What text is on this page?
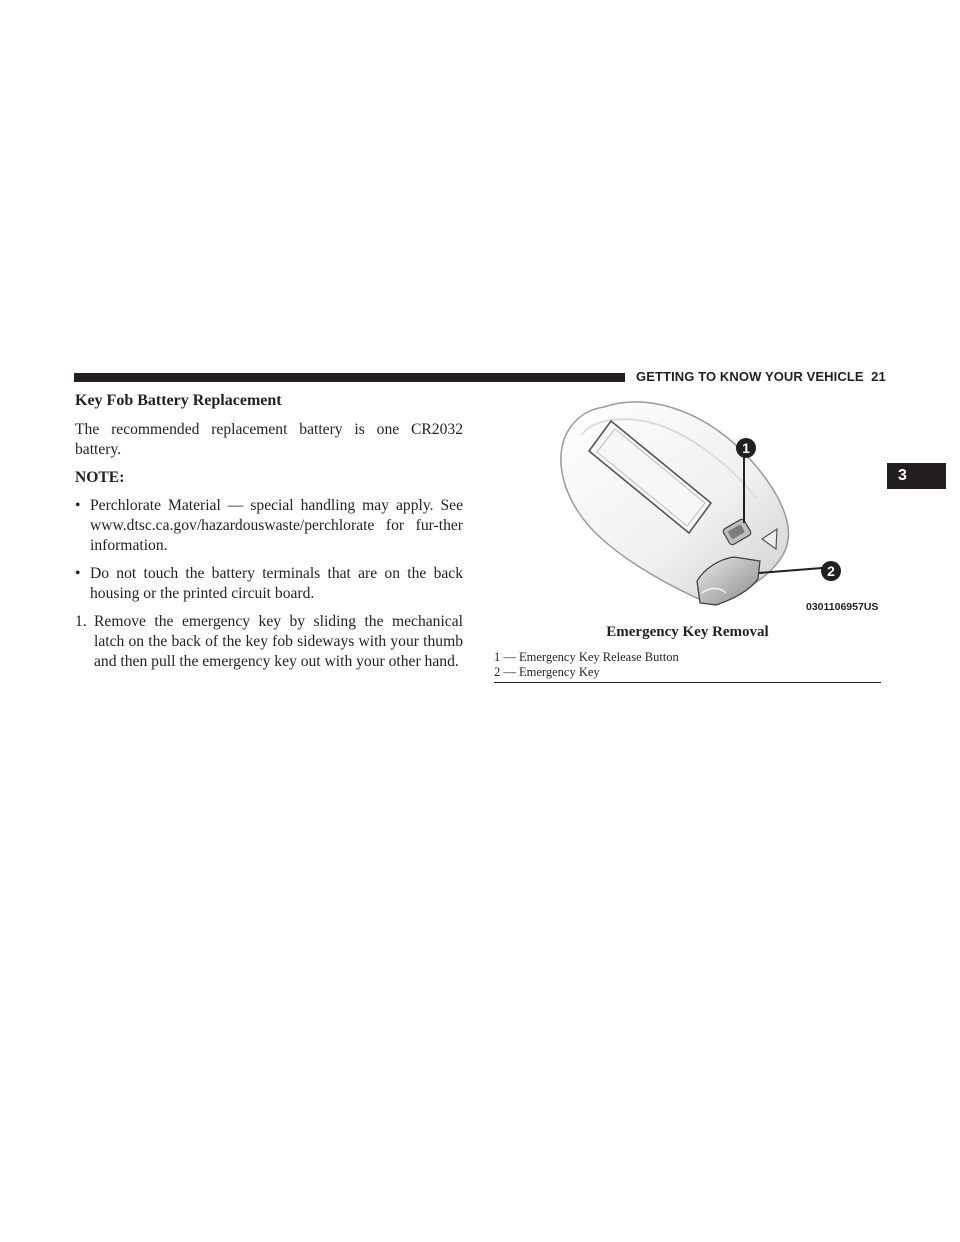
GETTING TO KNOW YOUR VEHICLE 21
3

Key Fob Battery Replacement

The recommended replacement battery is one CR2032 battery.

NOTE:

• Perchlorate Material — special handling may apply. See www.dtsc.ca.gov/hazardouswaste/perchlorate for fur-ther information.
• Do not touch the battery terminals that are on the back housing or the printed circuit board.
1. Remove the emergency key by sliding the mechanical latch on the back of the key fob sideways with your thumb and then pull the emergency key out with your other hand.
1
2
0301106957US
Emergency Key Removal
1 — Emergency Key Release Button
2 — Emergency Key
